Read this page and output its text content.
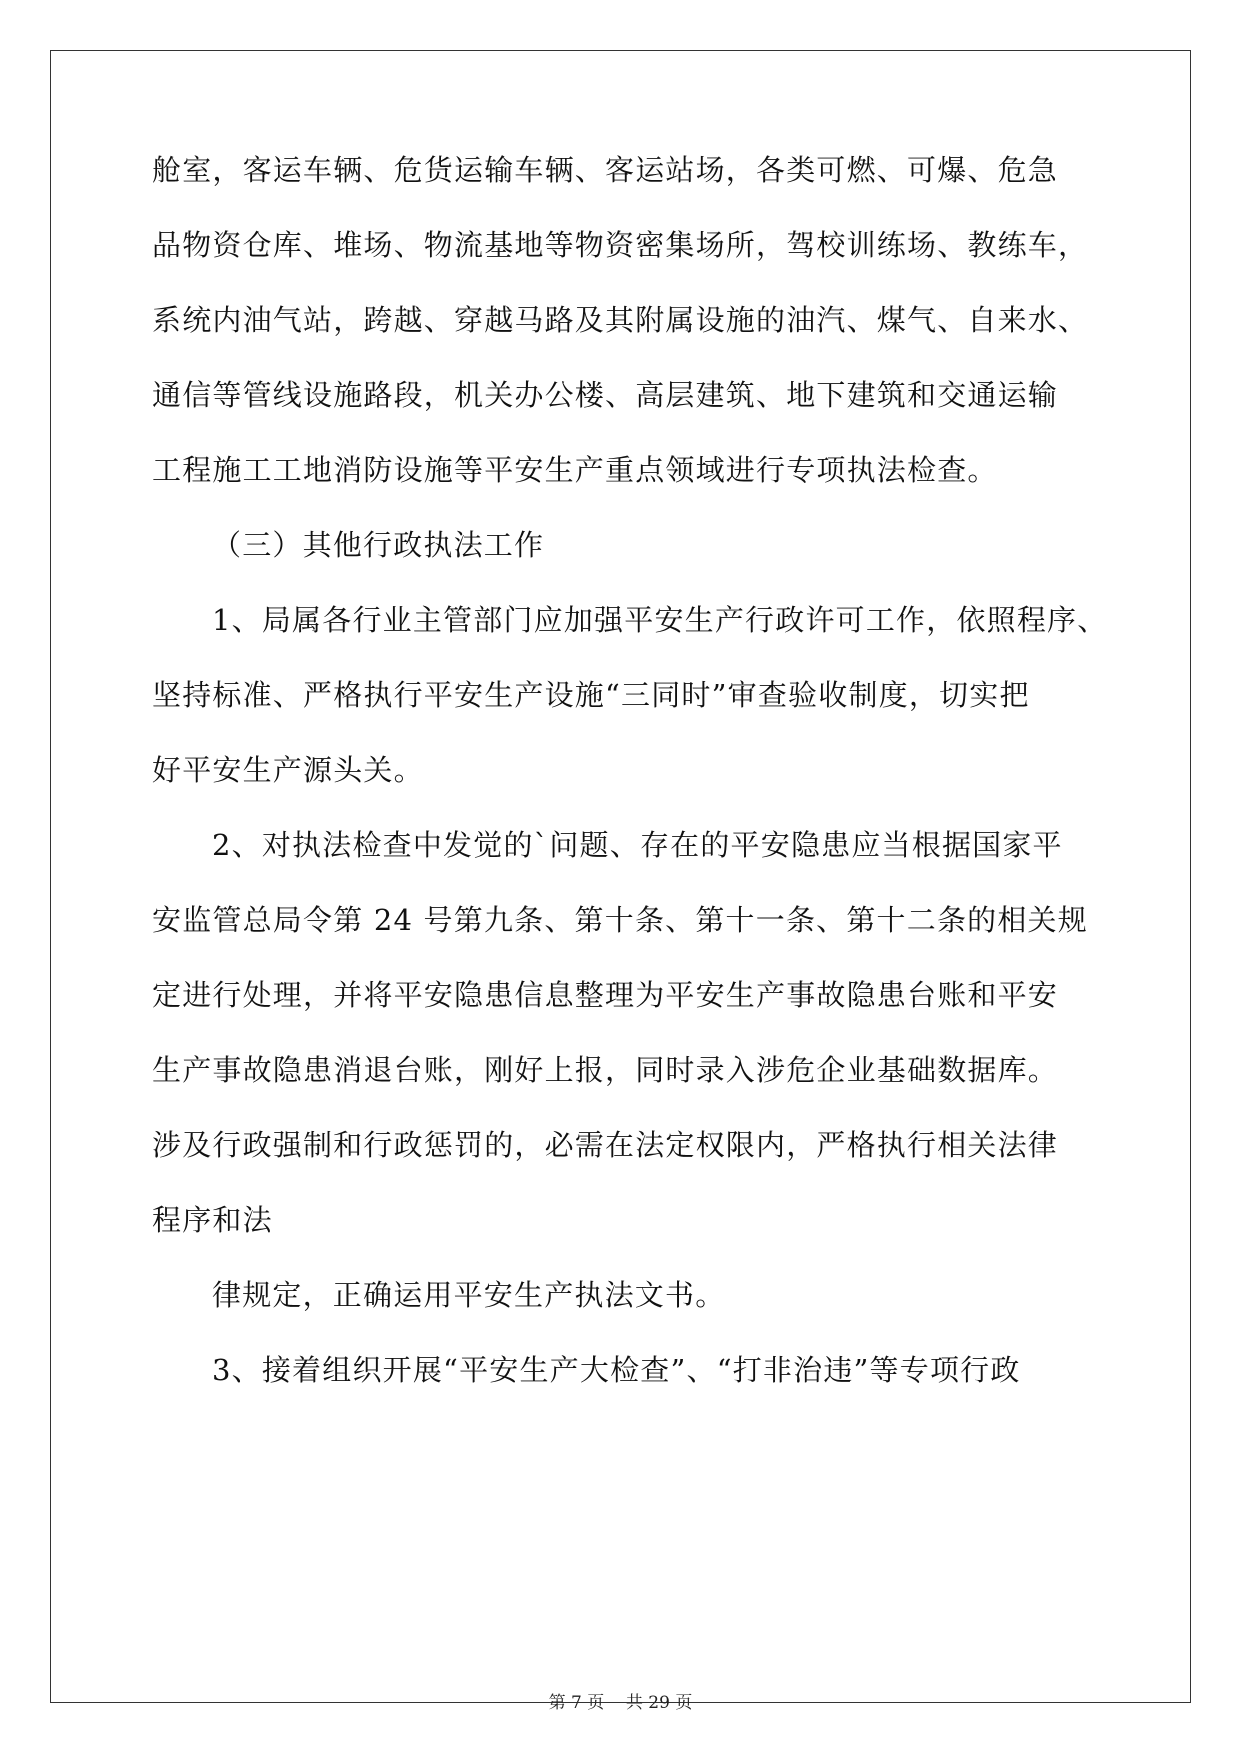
舱室，客运车辆、危货运输车辆、客运站场，各类可燃、可爆、危急
品物资仓库、堆场、物流基地等物资密集场所，驾校训练场、教练车，
系统内油气站，跨越、穿越马路及其附属设施的油汽、煤气、自来水、
通信等管线设施路段，机关办公楼、高层建筑、地下建筑和交通运输
工程施工工地消防设施等平安生产重点领域进行专项执法检查。
（三）其他行政执法工作
1、局属各行业主管部门应加强平安生产行政许可工作，依照程序、
坚持标准、严格执行平安生产设施“三同时”审查验收制度，切实把
好平安生产源头关。
2、对执法检查中发觉的`问题、存在的平安隐患应当根据国家平
安监管总局令第 24 号第九条、第十条、第十一条、第十二条的相关规
定进行处理，并将平安隐患信息整理为平安生产事故隐患台账和平安
生产事故隐患消退台账，刚好上报，同时录入涉危企业基础数据库。
涉及行政强制和行政惩罚的，必需在法定权限内，严格执行相关法律
程序和法
律规定，正确运用平安生产执法文书。
3、接着组织开展“平安生产大检查”、“打非治违”等专项行政
第 7 页    共 29 页
